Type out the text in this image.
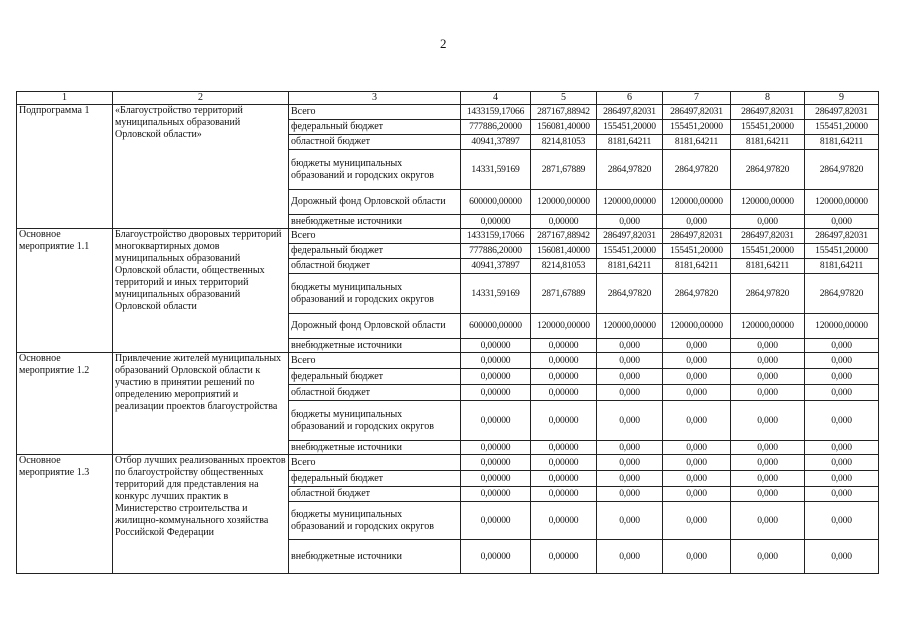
2
1	2	3	4	5	6	7	8	9
Подпрограмма 1	«Благоустройство территорий муниципальных образований Орловской области»	Всего	1433159,17066	287167,88942	286497,82031	286497,82031	286497,82031	286497,82031
		федеральный бюджет	777886,20000	156081,40000	155451,20000	155451,20000	155451,20000	155451,20000
		областной бюджет	40941,37897	8214,81053	8181,64211	8181,64211	8181,64211	8181,64211
		бюджеты муниципальных образований и городских округов	14331,59169	2871,67889	2864,97820	2864,97820	2864,97820	2864,97820
		Дорожный фонд Орловской области	600000,00000	120000,00000	120000,00000	120000,00000	120000,00000	120000,00000
		внебюджетные источники	0,00000	0,00000	0,000	0,000	0,000	0,000
Основное мероприятие 1.1	Благоустройство дворовых территорий многоквартирных домов муниципальных образований Орловской области, общественных территорий и иных территорий муниципальных образований Орловской области	Всего	1433159,17066	287167,88942	286497,82031	286497,82031	286497,82031	286497,82031
		федеральный бюджет	777886,20000	156081,40000	155451,20000	155451,20000	155451,20000	155451,20000
		областной бюджет	40941,37897	8214,81053	8181,64211	8181,64211	8181,64211	8181,64211
		бюджеты муниципальных образований и городских округов	14331,59169	2871,67889	2864,97820	2864,97820	2864,97820	2864,97820
		Дорожный фонд Орловской области	600000,00000	120000,00000	120000,00000	120000,00000	120000,00000	120000,00000
		внебюджетные источники	0,00000	0,00000	0,000	0,000	0,000	0,000
Основное мероприятие 1.2	Привлечение жителей муниципальных образований Орловской области к участию в принятии решений по определению мероприятий и реализации проектов благоустройства	Всего	0,00000	0,00000	0,000	0,000	0,000	0,000
		федеральный бюджет	0,00000	0,00000	0,000	0,000	0,000	0,000
		областной бюджет	0,00000	0,00000	0,000	0,000	0,000	0,000
		бюджеты муниципальных образований и городских округов	0,00000	0,00000	0,000	0,000	0,000	0,000
		внебюджетные источники	0,00000	0,00000	0,000	0,000	0,000	0,000
Основное мероприятие 1.3	Отбор лучших реализованных проектов по благоустройству общественных территорий для представления на конкурс лучших практик в Министерство строительства и жилищно-коммунального хозяйства Российской Федерации	Всего	0,00000	0,00000	0,000	0,000	0,000	0,000
		федеральный бюджет	0,00000	0,00000	0,000	0,000	0,000	0,000
		областной бюджет	0,00000	0,00000	0,000	0,000	0,000	0,000
		бюджеты муниципальных образований и городских округов	0,00000	0,00000	0,000	0,000	0,000	0,000
		внебюджетные источники	0,00000	0,00000	0,000	0,000	0,000	0,000
